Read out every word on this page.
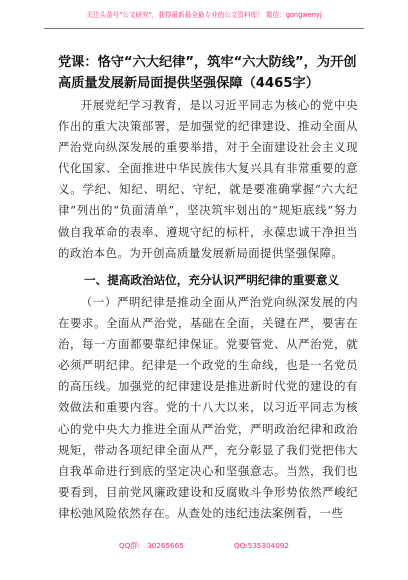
关注头条号"公文研究"，获得最新最全最专业的公文资料库！ 微信：gongwenyj
党课：恪守“六大纪律”，筑牢“六大防线”，为开创高质量发展新局面提供坚强保障（4465字）

开展党纪学习教育，是以习近平同志为核心的党中央作出的重大决策部署，是加强党的纪律建设、推动全面从严治党向纵深发展的重要举措，对于全面建设社会主义现代化国家、全面推进中华民族伟大复兴具有非常重要的意义。学纪、知纪、明纪、守纪，就是要准确掌握“六大纪律”列出的“负面清单”，坚决筑牢划出的“规矩底线”努力做自我革命的表率、遵规守纪的标杆，永葆忠诚干净担当的政治本色。为开创高质量发展新局面提供坚强保障。

一、提高政治站位，充分认识严明纪律的重要意义

（一）严明纪律是推动全面从严治党向纵深发展的内在要求。全面从严治党，基础在全面，关键在严，要害在治，每一方面都要靠纪律保证。党要管党、从严治党，就必须严明纪律。纪律是一个政党的生命线，也是一名党员的高压线。加强党的纪律建设是推进新时代党的建设的有效做法和重要内容。党的十八大以来，以习近平同志为核心的党中央大力推进全面从严治党，严明政治纪律和政治规矩，带动各项纪律全面从严，充分彰显了我们党把伟大自我革命进行到底的坚定决心和坚强意志。当然，我们也要看到，目前党风廉政建设和反腐败斗争形势依然严峻纪律松弛风险依然存在。从查处的违纪违法案例看，一些

QQ群:　30265665	QQ:535304092
